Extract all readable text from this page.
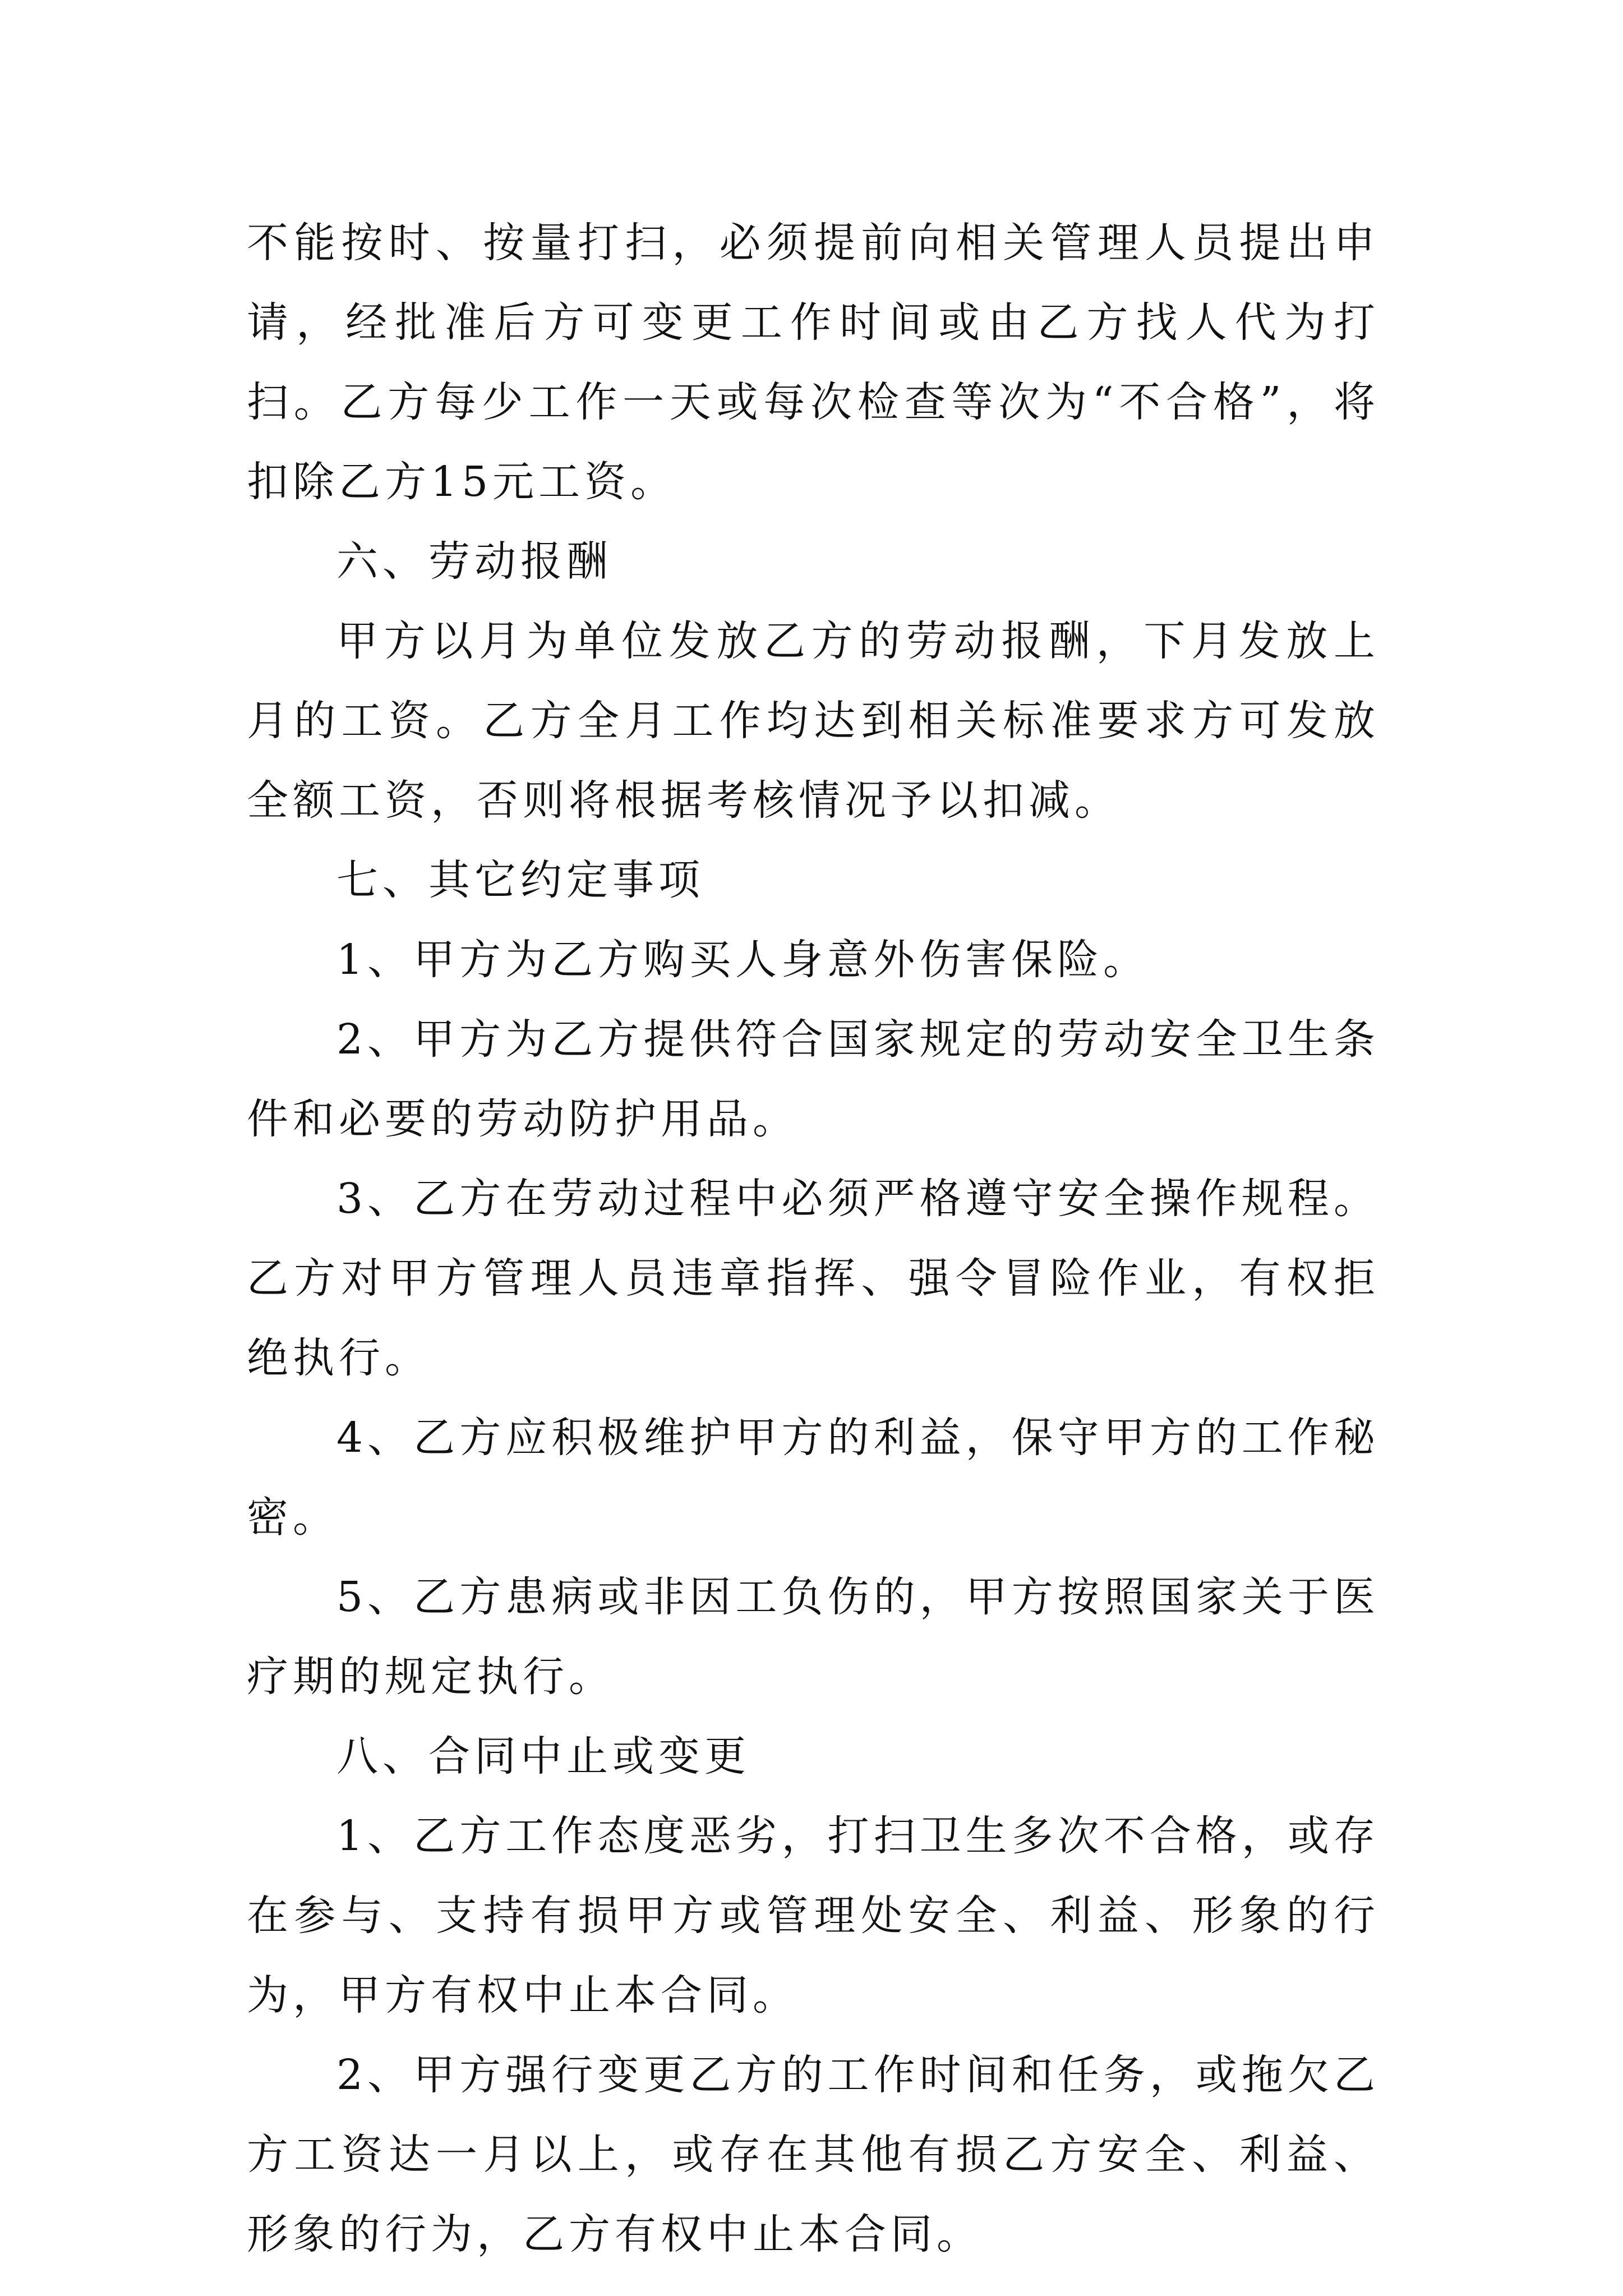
不能按时、按量打扫，必须提前向相关管理人员提出申请，经批准后方可变更工作时间或由乙方找人代为打扫。乙方每少工作一天或每次检查等次为“不合格”，将扣除乙方15元工资。

六、劳动报酬

甲方以月为单位发放乙方的劳动报酬，下月发放上月的工资。乙方全月工作均达到相关标准要求方可发放全额工资，否则将根据考核情况予以扣减。

七、其它约定事项

1、甲方为乙方购买人身意外伤害保险。

2、甲方为乙方提供符合国家规定的劳动安全卫生条件和必要的劳动防护用品。

3、乙方在劳动过程中必须严格遵守安全操作规程。乙方对甲方管理人员违章指挥、强令冒险作业，有权拒绝执行。

4、乙方应积极维护甲方的利益，保守甲方的工作秘密。

5、乙方患病或非因工负伤的，甲方按照国家关于医疗期的规定执行。

八、合同中止或变更

1、乙方工作态度恶劣，打扫卫生多次不合格，或存在参与、支持有损甲方或管理处安全、利益、形象的行为，甲方有权中止本合同。

2、甲方强行变更乙方的工作时间和任务，或拖欠乙方工资达一月以上，或存在其他有损乙方安全、利益、形象的行为，乙方有权中止本合同。
